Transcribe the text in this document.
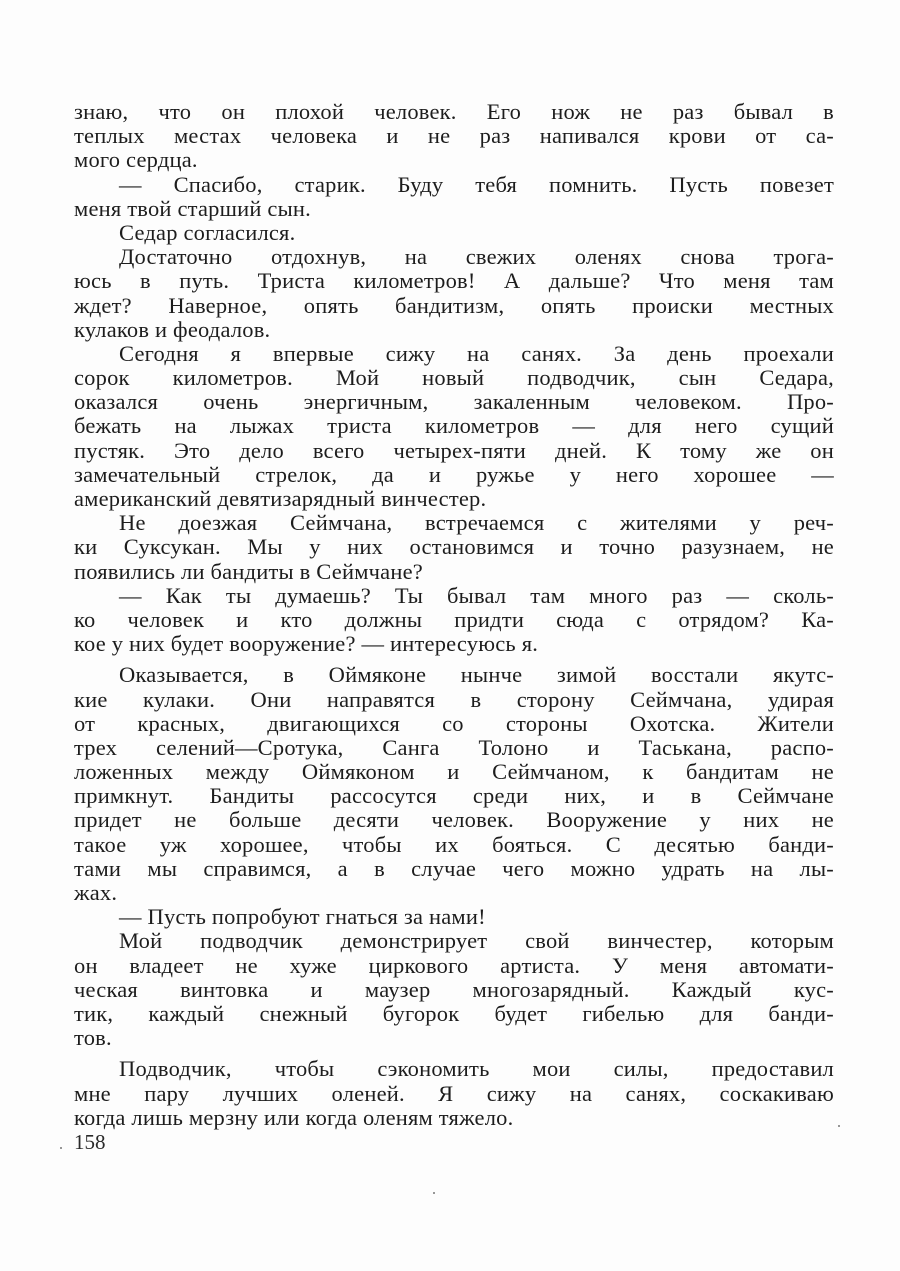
знаю, что он плохой человек. Его нож не раз бывал в
теплых местах человека и не раз напивался крови от са-
мого сердца.
— Спасибо, старик. Буду тебя помнить. Пусть повезет
меня твой старший сын.
Седар согласился.
Достаточно отдохнув, на свежих оленях снова трога-
юсь в путь. Триста километров! А дальше? Что меня там
ждет? Наверное, опять бандитизм, опять происки местных
кулаков и феодалов.
Сегодня я впервые сижу на санях. За день проехали
сорок километров. Мой новый подводчик, сын Седара,
оказался очень энергичным, закаленным человеком. Про-
бежать на лыжах триста километров — для него сущий
пустяк. Это дело всего четырех-пяти дней. К тому же он
замечательный стрелок, да и ружье у него хорошее —
американский девятизарядный винчестер.
Не доезжая Сеймчана, встречаемся с жителями у реч-
ки Суксукан. Мы у них остановимся и точно разузнаем, не
появились ли бандиты в Сеймчане?
— Как ты думаешь? Ты бывал там много раз — сколь-
ко человек и кто должны придти сюда с отрядом? Ка-
кое у них будет вооружение? — интересуюсь я.
Оказывается, в Оймяконе нынче зимой восстали якутс-
кие кулаки. Они направятся в сторону Сеймчана, удирая
от красных, двигающихся со стороны Охотска. Жители
трех селений—Сротука, Санга Толоно и Таськана, распо-
ложенных между Оймяконом и Сеймчаном, к бандитам не
примкнут. Бандиты рассосутся среди них, и в Сеймчане
придет не больше десяти человек. Вооружение у них не
такое уж хорошее, чтобы их бояться. С десятью банди-
тами мы справимся, а в случае чего можно удрать на лы-
жах.
— Пусть попробуют гнаться за нами!
Мой подводчик демонстрирует свой винчестер, которым
он владеет не хуже циркового артиста. У меня автомати-
ческая винтовка и маузер многозарядный. Каждый кус-
тик, каждый снежный бугорок будет гибелью для банди-
тов.
Подводчик, чтобы сэкономить мои силы, предоставил
мне пару лучших оленей. Я сижу на санях, соскакиваю
когда лишь мерзну или когда оленям тяжело.
158
